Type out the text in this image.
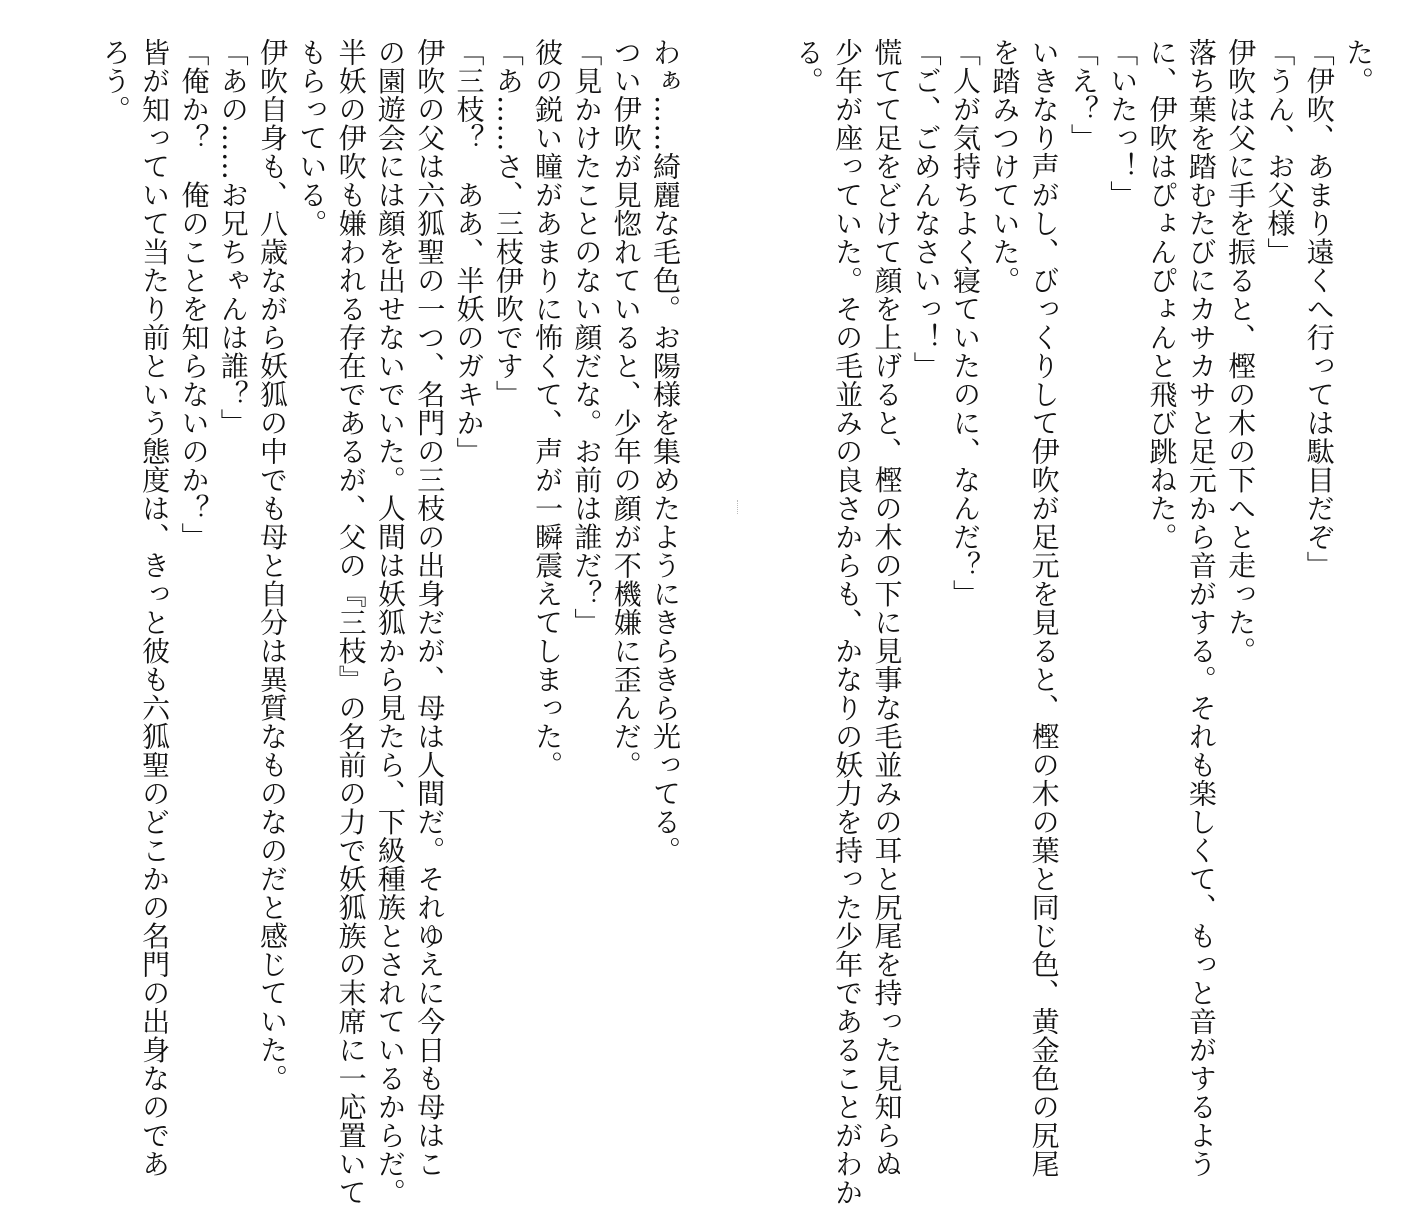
た。
「伊吹、あまり遠くへ行っては駄目だぞ」
「うん、お父様」
伊吹は父に手を振ると、樫の木の下へと走った。
落ち葉を踏むたびにカサカサと足元から音がする。それも楽しくて、もっと音がするよう
に、伊吹はぴょんぴょんと飛び跳ねた。
「いたっ！」
「え？」
いきなり声がし、びっくりして伊吹が足元を見ると、樫の木の葉と同じ色、黄金色の尻尾
を踏みつけていた。
「人が気持ちよく寝ていたのに、なんだ？」
「ご、ごめんなさいっ！」
慌てて足をどけて顔を上げると、樫の木の下に見事な毛並みの耳と尻尾を持った見知らぬ
少年が座っていた。その毛並みの良さからも、かなりの妖力を持った少年であることがわか
る。
わぁ……綺麗な毛色。お陽様を集めたようにきらきら光ってる。
つい伊吹が見惚れていると、少年の顔が不機嫌に歪んだ。
「見かけたことのない顔だな。お前は誰だ？」
彼の鋭い瞳があまりに怖くて、声が一瞬震えてしまった。
「あ……さ、三枝伊吹です」
「三枝？　ああ、半妖のガキか」
伊吹の父は六狐聖の一つ、名門の三枝の出身だが、母は人間だ。それゆえに今日も母はこ
の園遊会には顔を出せないでいた。人間は妖狐から見たら、下級種族とされているからだ。
半妖の伊吹も嫌われる存在であるが、父の『三枝』の名前の力で妖狐族の末席に一応置いて
もらっている。
伊吹自身も、八歳ながら妖狐の中でも母と自分は異質なものなのだと感じていた。
「あの……お兄ちゃんは誰？」
「俺か？　俺のことを知らないのか？」
皆が知っていて当たり前という態度は、きっと彼も六狐聖のどこかの名門の出身なのであ
ろう。
